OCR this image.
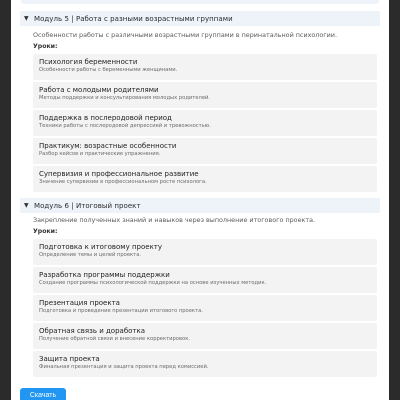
▼ Модуль 5 | Работа с разными возрастными группами
Особенности работы с различными возрастными группами в перинатальной психологии.
Уроки:
Психология беременности
Особенности работы с беременными женщинами.
Работа с молодыми родителями
Методы поддержки и консультирования молодых родителей.
Поддержка в послеродовой период
Техники работы с послеродовой депрессией и тревожностью.
Практикум: возрастные особенности
Разбор кейсов и практические упражнения.
Супервизия и профессиональное развитие
Значение супервизии в профессиональном росте психолога.
▼ Модуль 6 | Итоговый проект
Закрепление полученных знаний и навыков через выполнение итогового проекта.
Уроки:
Подготовка к итоговому проекту
Определение темы и целей проекта.
Разработка программы поддержки
Создание программы психологической поддержки на основе изученных методик.
Презентация проекта
Подготовка и проведение презентации итогового проекта.
Обратная связь и доработка
Получение обратной связи и внесение корректировок.
Защита проекта
Финальная презентация и защита проекта перед комиссией.
Скачать
